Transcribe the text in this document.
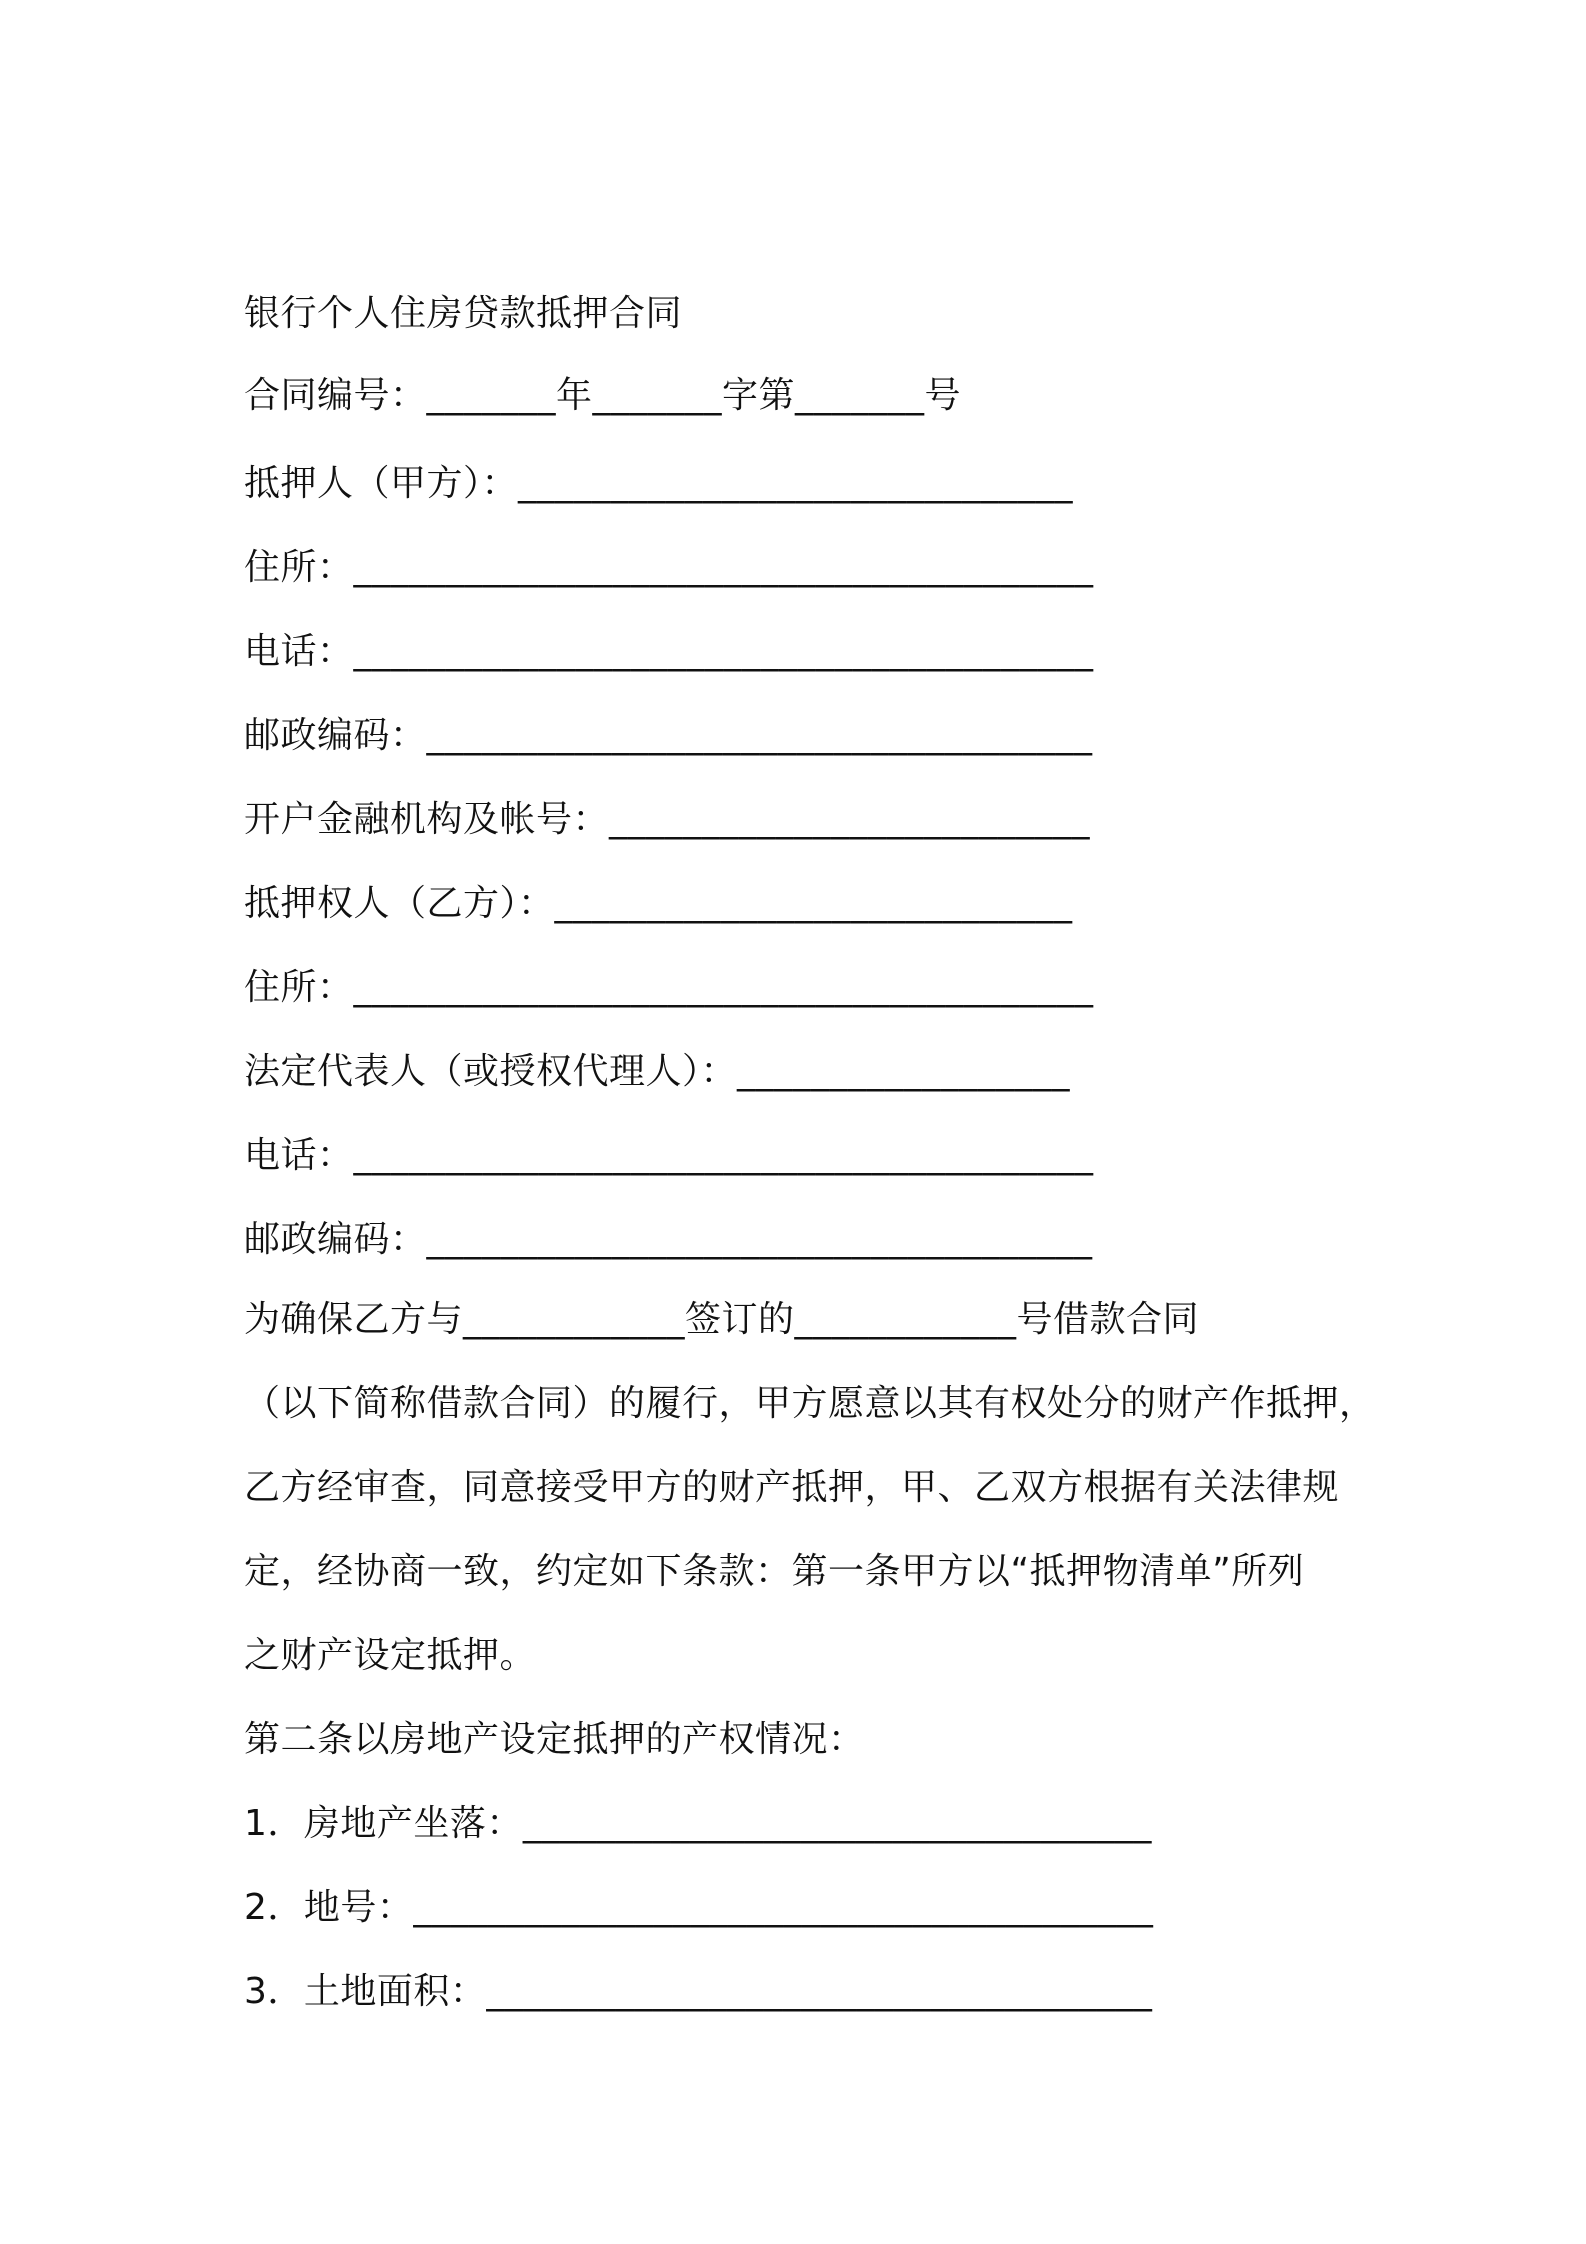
银行个人住房贷款抵押合同
合同编号：_______年_______字第_______号
抵押人（甲方）：______________________________
住所：________________________________________
电话：________________________________________
邮政编码：____________________________________
开户金融机构及帐号：__________________________
抵押权人（乙方）：____________________________
住所：________________________________________
法定代表人（或授权代理人）：__________________
电话：________________________________________
邮政编码：____________________________________
为确保乙方与____________签订的____________号借款合同
（以下简称借款合同）的履行，甲方愿意以其有权处分的财产作抵押，
乙方经审查，同意接受甲方的财产抵押，甲、乙双方根据有关法律规
定，经协商一致，约定如下条款：第一条甲方以“抵押物清单”所列
之财产设定抵押。
第二条以房地产设定抵押的产权情况：
1．房地产坐落：__________________________________
2．地号：________________________________________
3．土地面积：____________________________________
